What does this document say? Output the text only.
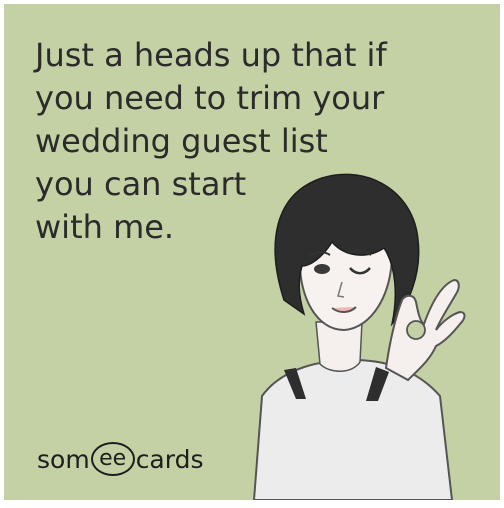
Just a heads up that if
you need to trim your
wedding guest list
you can start
with me.
som ee cards
